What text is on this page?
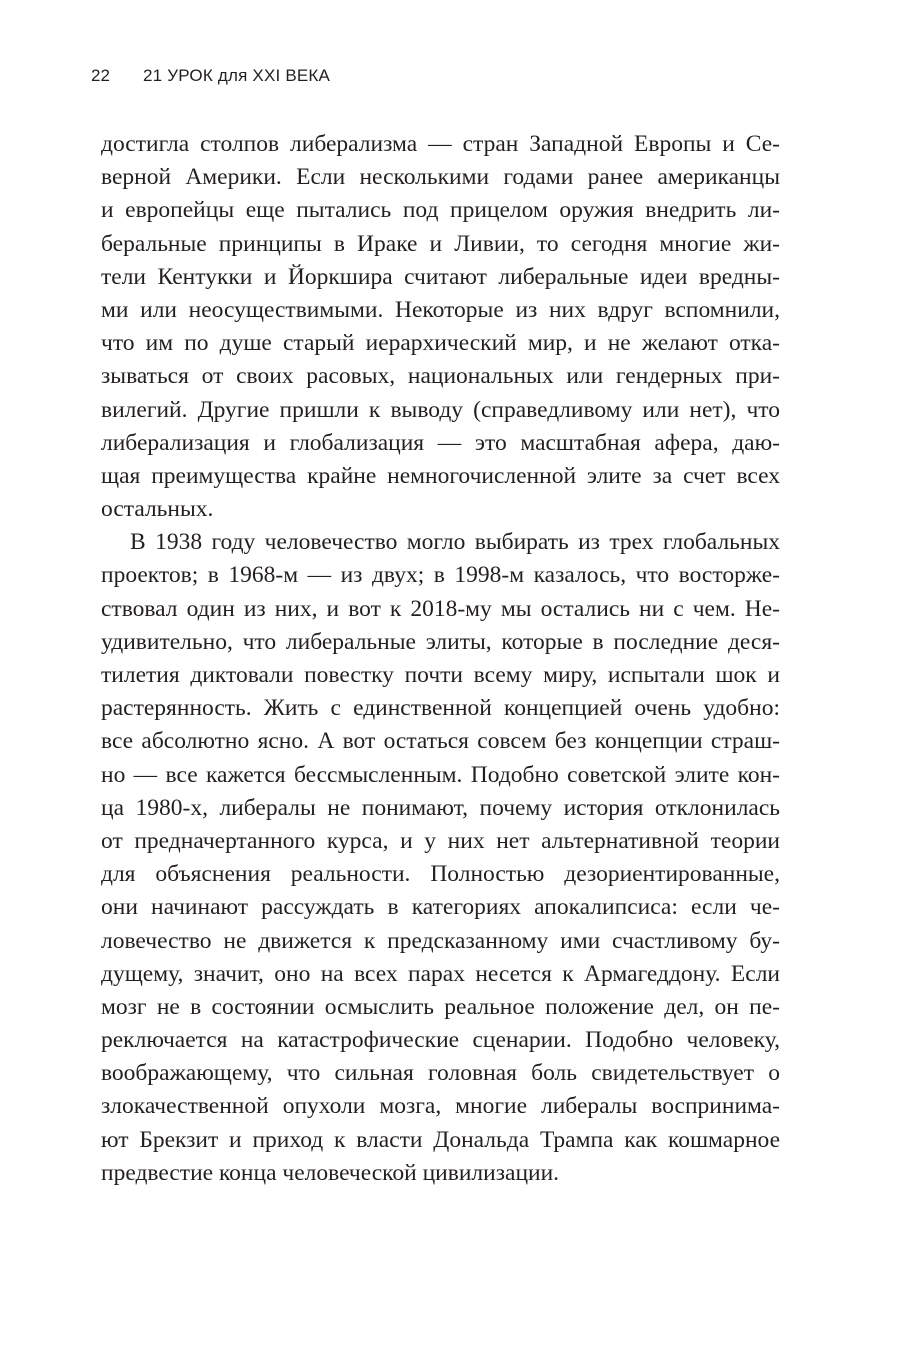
22	21 УРОК для XXI ВЕКА
достигла столпов либерализма — стран Западной Европы и Се-
верной Америки. Если несколькими годами ранее американцы
и европейцы еще пытались под прицелом оружия внедрить ли-
беральные принципы в Ираке и Ливии, то сегодня многие жи-
тели Кентукки и Йоркшира считают либеральные идеи вредны-
ми или неосуществимыми. Некоторые из них вдруг вспомнили,
что им по душе старый иерархический мир, и не желают отка-
зываться от своих расовых, национальных или гендерных при-
вилегий. Другие пришли к выводу (справедливому или нет), что
либерализация и глобализация — это масштабная афера, даю-
щая преимущества крайне немногочисленной элите за счет всех
остальных.
В 1938 году человечество могло выбирать из трех глобальных
проектов; в 1968-м — из двух; в 1998-м казалось, что восторже-
ствовал один из них, и вот к 2018-му мы остались ни с чем. Не-
удивительно, что либеральные элиты, которые в последние деся-
тилетия диктовали повестку почти всему миру, испытали шок и
растерянность. Жить с единственной концепцией очень удобно:
все абсолютно ясно. А вот остаться совсем без концепции страш-
но — все кажется бессмысленным. Подобно советской элите кон-
ца 1980-х, либералы не понимают, почему история отклонилась
от предначертанного курса, и у них нет альтернативной теории
для объяснения реальности. Полностью дезориентированные,
они начинают рассуждать в категориях апокалипсиса: если че-
ловечество не движется к предсказанному ими счастливому бу-
дущему, значит, оно на всех парах несется к Армагеддону. Если
мозг не в состоянии осмыслить реальное положение дел, он пе-
реключается на катастрофические сценарии. Подобно человеку,
воображающему, что сильная головная боль свидетельствует о
злокачественной опухоли мозга, многие либералы воспринима-
ют Брекзит и приход к власти Дональда Трампа как кошмарное
предвестие конца человеческой цивилизации.
